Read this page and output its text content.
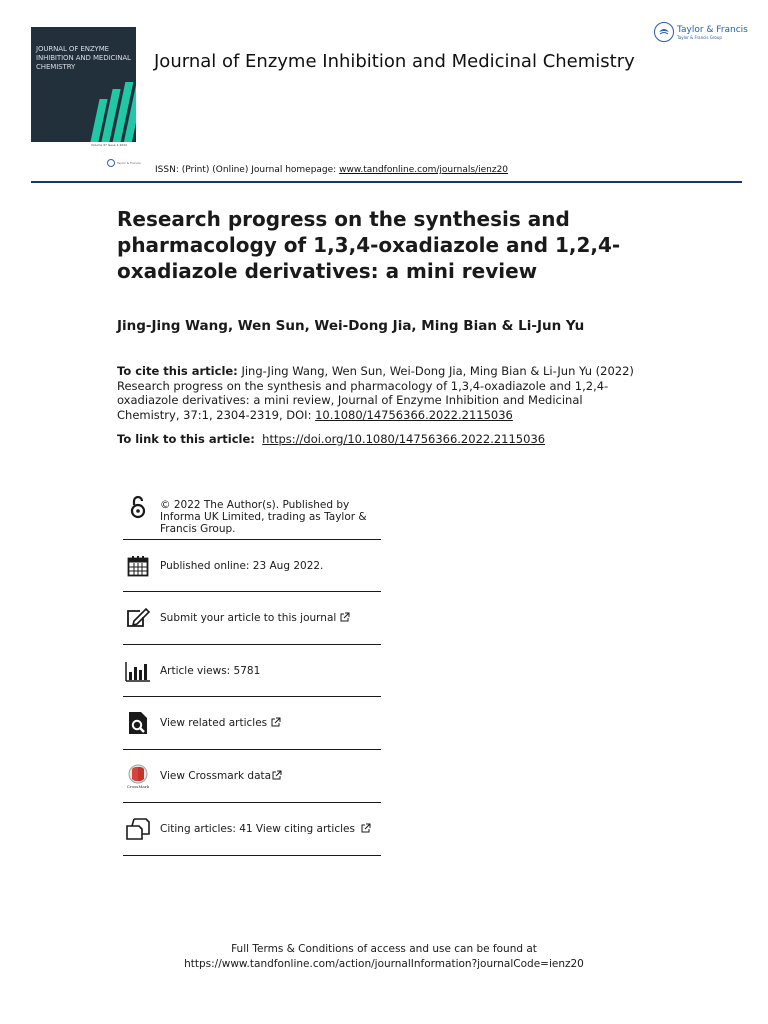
JOURNAL OF ENZYME INHIBITION AND MEDICINAL CHEMISTRY
Volume 37 Issue 1 2022
Taylor & Francis
Journal of Enzyme Inhibition and Medicinal Chemistry
Taylor & Francis
Taylor & Francis Group
ISSN: (Print) (Online) Journal homepage: www.tandfonline.com/journals/ienz20
Research progress on the synthesis and pharmacology of 1,3,4-oxadiazole and 1,2,4-oxadiazole derivatives: a mini review
Jing-Jing Wang, Wen Sun, Wei-Dong Jia, Ming Bian & Li-Jun Yu
To cite this article: Jing-Jing Wang, Wen Sun, Wei-Dong Jia, Ming Bian & Li-Jun Yu (2022) Research progress on the synthesis and pharmacology of 1,3,4-oxadiazole and 1,2,4-oxadiazole derivatives: a mini review, Journal of Enzyme Inhibition and Medicinal Chemistry, 37:1, 2304-2319, DOI: 10.1080/14756366.2022.2115036
To link to this article: https://doi.org/10.1080/14756366.2022.2115036
© 2022 The Author(s). Published by Informa UK Limited, trading as Taylor & Francis Group.
Published online: 23 Aug 2022.
Submit your article to this journal
Article views: 5781
View related articles
CrossMark
View Crossmark data
Citing articles: 41 View citing articles
Full Terms & Conditions of access and use can be found at
https://www.tandfonline.com/action/journalInformation?journalCode=ienz20
